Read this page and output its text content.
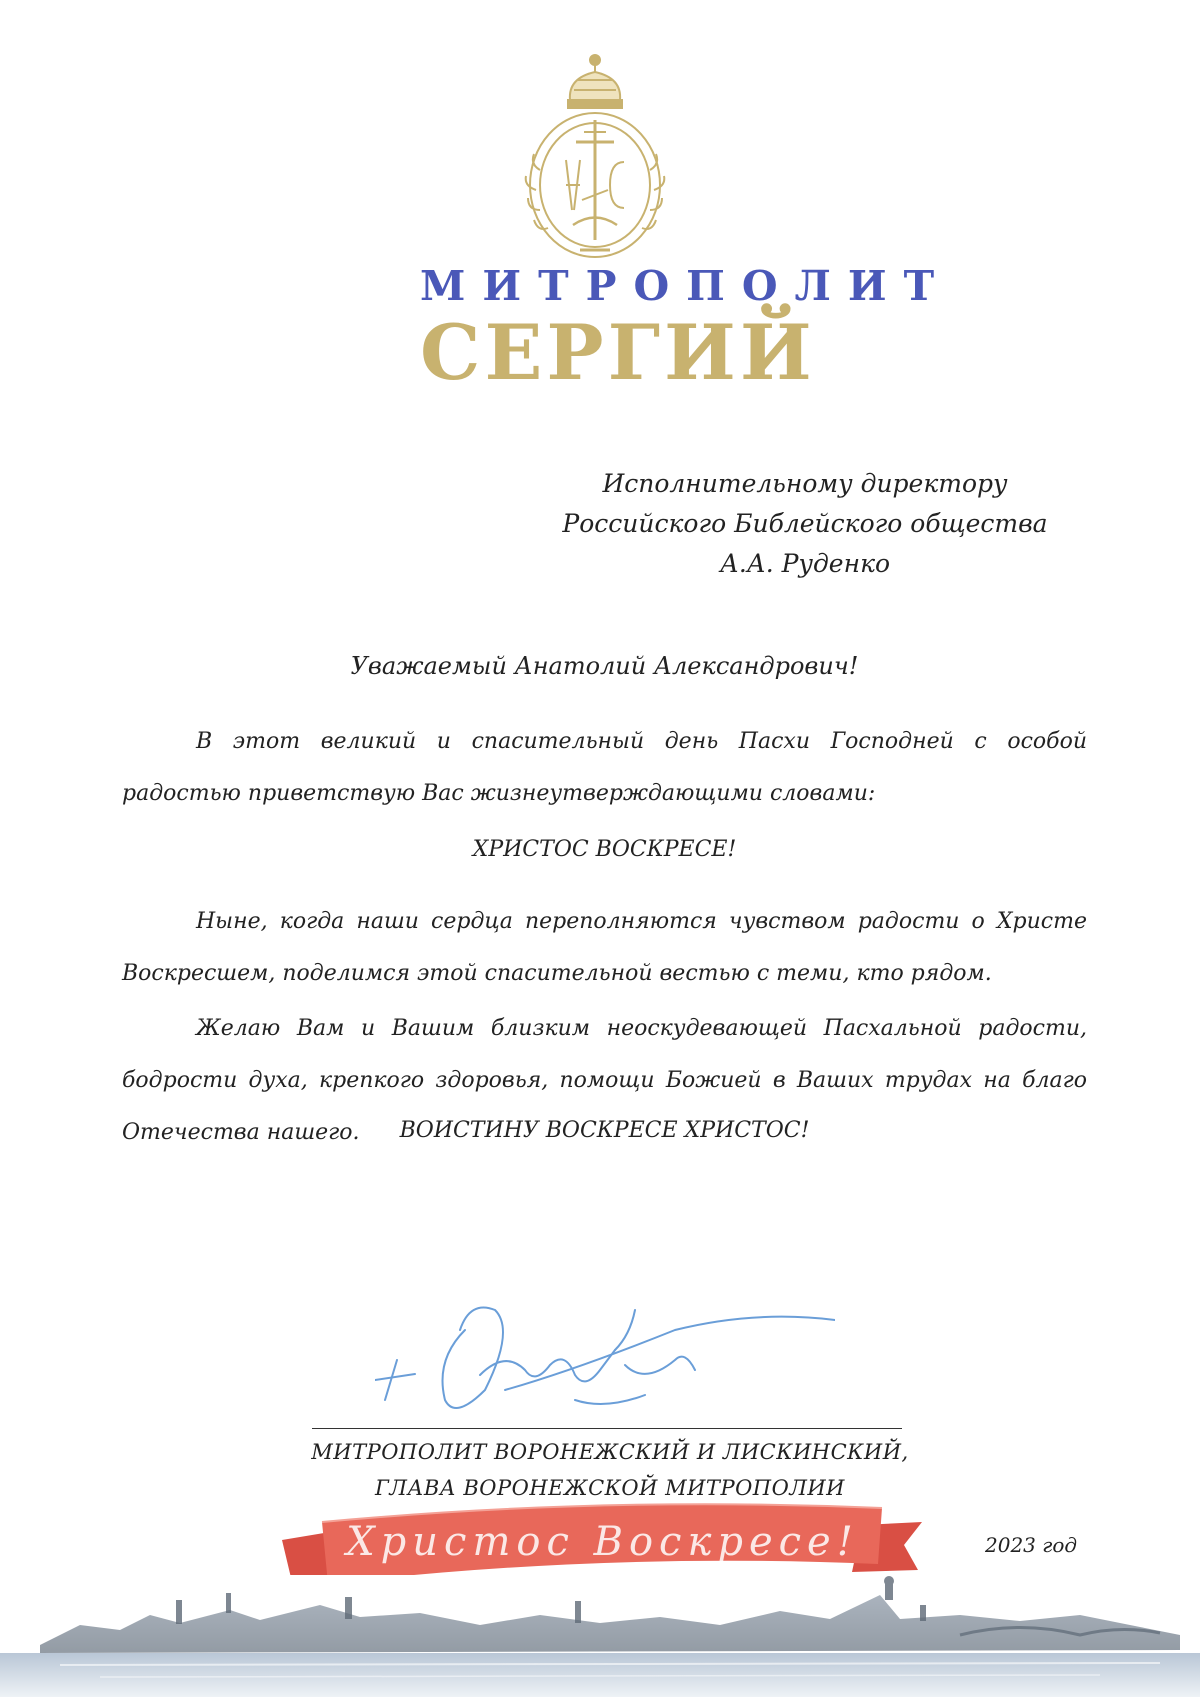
МИТРОПОЛИТ
СЕРГИЙ
Исполнительному директору
Российского Библейского общества
А.А. Руденко
Уважаемый Анатолий Александрович!
В этот великий и спасительный день Пасхи Господней с особой радостью приветствую Вас жизнеутверждающими словами:
ХРИСТОС ВОСКРЕСЕ!
Ныне, когда наши сердца переполняются чувством радости о Христе Воскресшем, поделимся этой спасительной вестью с теми, кто рядом.
Желаю Вам и Вашим близким неоскудевающей Пасхальной радости, бодрости духа, крепкого здоровья, помощи Божией в Ваших трудах на благо Отечества нашего.	ВОИСТИНУ ВОСКРЕСЕ ХРИСТОС!
МИТРОПОЛИТ ВОРОНЕЖСКИЙ И ЛИСКИНСКИЙ,
ГЛАВА ВОРОНЕЖСКОЙ МИТРОПОЛИИ
Христос Воскресе!	2023 год
